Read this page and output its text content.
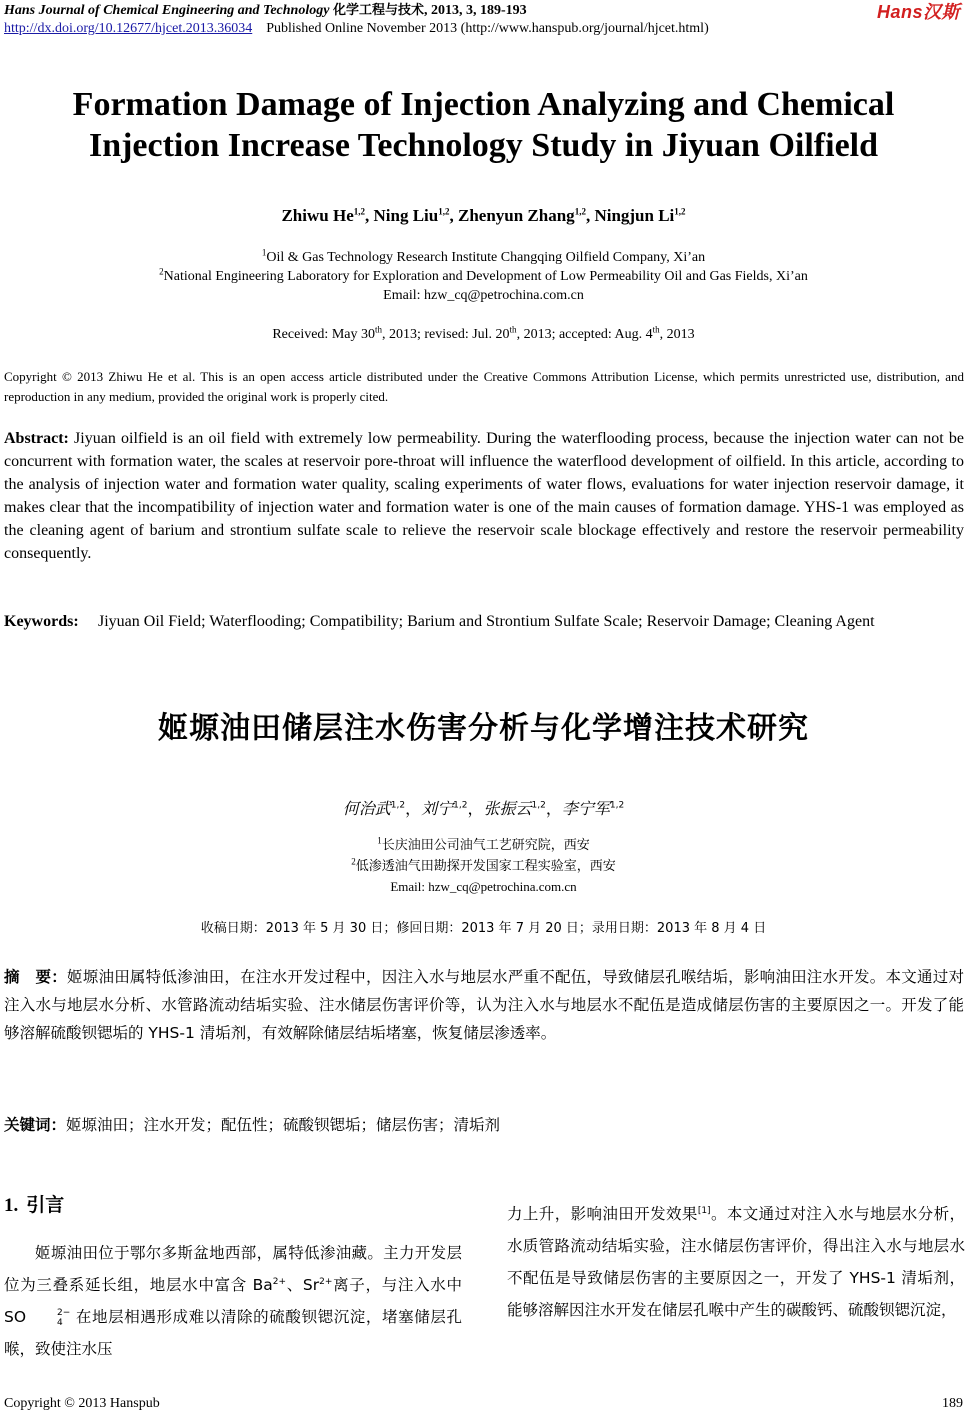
Hans Journal of Chemical Engineering and Technology 化学工程与技术, 2013, 3, 189-193
http://dx.doi.org/10.12677/hjcet.2013.36034 Published Online November 2013 (http://www.hanspub.org/journal/hjcet.html)
Hans汉斯
Formation Damage of Injection Analyzing and Chemical
Injection Increase Technology Study in Jiyuan Oilfield
Zhiwu He$^{1,2}$, Ning Liu$^{1,2}$, Zhenyun Zhang$^{1,2}$, Ningjun Li$^{1,2}$
$^1$Oil & Gas Technology Research Institute Changqing Oilfield Company, Xi’an
$^2$National Engineering Laboratory for Exploration and Development of Low Permeability Oil and Gas Fields, Xi’an
Email: hzw_cq@petrochina.com.cn
Received: May 30th, 2013; revised: Jul. 20th, 2013; accepted: Aug. 4th, 2013
Copyright © 2013 Zhiwu He et al. This is an open access article distributed under the Creative Commons Attribution License, which permits unrestricted use, distribution, and reproduction in any medium, provided the original work is properly cited.
Abstract: Jiyuan oilfield is an oil field with extremely low permeability. During the waterflooding process, because the injection water can not be concurrent with formation water, the scales at reservoir pore-throat will influence the waterflood development of oilfield. In this article, according to the analysis of injection water and formation water quality, scaling experiments of water flows, evaluations for water injection reservoir damage, it makes clear that the incompatibility of injection water and formation water is one of the main causes of formation damage. YHS-1 was employed as the cleaning agent of barium and strontium sulfate scale to relieve the reservoir scale blockage effectively and restore the reservoir permeability consequently.
Keywords: Jiyuan Oil Field; Waterflooding; Compatibility; Barium and Strontium Sulfate Scale; Reservoir Damage; Cleaning Agent
姬塬油田储层注水伤害分析与化学增注技术研究
何治武$^{1,2}$，刘宁$^{1,2}$，张振云$^{1,2}$，李宁军$^{1,2}$
$^1$长庆油田公司油气工艺研究院，西安
$^2$低渗透油气田勘探开发国家工程实验室，西安
Email: hzw_cq@petrochina.com.cn
收稿日期：2013 年 5 月 30 日；修回日期：2013 年 7 月 20 日；录用日期：2013 年 8 月 4 日
摘　要：姬塬油田属特低渗油田，在注水开发过程中，因注入水与地层水严重不配伍，导致储层孔喉结垢，影响油田注水开发。本文通过对注入水与地层水分析、水管路流动结垢实验、注水储层伤害评价等，认为注入水与地层水不配伍是造成储层伤害的主要原因之一。开发了能够溶解硫酸钡锶垢的 YHS-1 清垢剂，有效解除储层结垢堵塞，恢复储层渗透率。
关键词：姬塬油田；注水开发；配伍性；硫酸钡锶垢；储层伤害；清垢剂
1. 引言
姬塬油田位于鄂尔多斯盆地西部，属特低渗油藏。主力开发层位为三叠系延长组，地层水中富含 $Ba^{2+}$、$Sr^{2+}$离子，与注入水中 SO	2−
4 在地层相遇形成难以清除的硫酸钡锶沉淀，堵塞储层孔喉，致使注水压
力上升，影响油田开发效果[1]。本文通过对注入水与地层水分析，水质管路流动结垢实验，注水储层伤害评价，得出注入水与地层水不配伍是导致储层伤害的主要原因之一，开发了 YHS-1 清垢剂，能够溶解因注水开发在储层孔喉中产生的碳酸钙、硫酸钡锶沉淀，
Copyright © 2013 Hanspub	189
